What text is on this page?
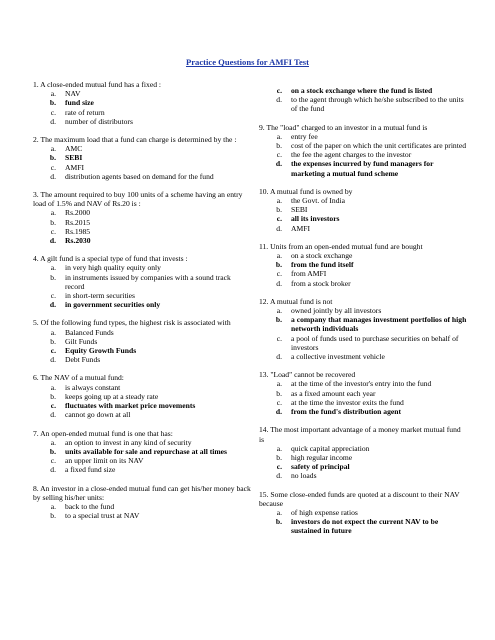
Practice Questions for AMFI Test
1. A close-ended mutual fund has a fixed :
a.	NAV
b.	fund size
c.	rate of return
d.	number of distributors
2. The maximum load that a fund can charge is determined by the :
a.	AMC
b.	SEBI
c.	AMFI
d.	distribution agents based on demand for the fund
3. The amount required to buy 100 units of a scheme having an entry load of 1.5% and NAV of Rs.20 is :
a.	Rs.2000
b.	Rs.2015
c.	Rs.1985
d.	Rs.2030
4. A gilt fund is a special type of fund that invests :
a.	in very high quality equity only
b.	in instruments issued by companies with a sound track record
c.	in short-term securities
d.	in government securities only
5. Of the following fund types, the highest risk is associated with
a.	Balanced Funds
b.	Gilt Funds
c.	Equity Growth Funds
d.	Debt Funds
6. The NAV of a mutual fund:
a.	is always constant
b.	keeps going up at a steady rate
c.	fluctuates with market price movements
d.	cannot go down at all
7. An open-ended mutual fund is one that has:
a.	an option to invest in any kind of security
b.	units available for sale and repurchase at all times
c.	an upper limit on its NAV
d.	a fixed fund size
8. An investor in a close-ended mutual fund can get his/her money back by selling his/her units:
a.	back to the fund
b.	to a special trust at NAV
c.	on a stock exchange where the fund is listed
d.	to the agent through which he/she subscribed to the units of the fund
9. The "load" charged to an investor in a mutual fund is
a.	entry fee
b.	cost of the paper on which the unit certificates are printed
c.	the fee the agent charges to the investor
d.	the expenses incurred by fund managers for marketing a mutual fund scheme
10. A mutual fund is owned by
a.	the Govt. of India
b.	SEBI
c.	all its investors
d.	AMFI
11. Units from an open-ended mutual fund are bought
a.	on a stock exchange
b.	from the fund itself
c.	from AMFI
d.	from a stock broker
12. A mutual fund is not
a.	owned jointly by all investors
b.	a company that manages investment portfolios of high networth individuals
c.	a pool of funds used to purchase securities on behalf of investors
d.	a collective investment vehicle
13. "Load" cannot be recovered
a.	at the time of the investor's entry into the fund
b.	as a fixed amount each year
c.	at the time the investor exits the fund
d.	from the fund's distribution agent
14. The most important advantage of a money market mutual fund is
a.	quick capital appreciation
b.	high regular income
c.	safety of principal
d.	no loads
15. Some close-ended funds are quoted at a discount to their NAV because
a.	of high expense ratios
b.	investors do not expect the current NAV to be sustained in future
